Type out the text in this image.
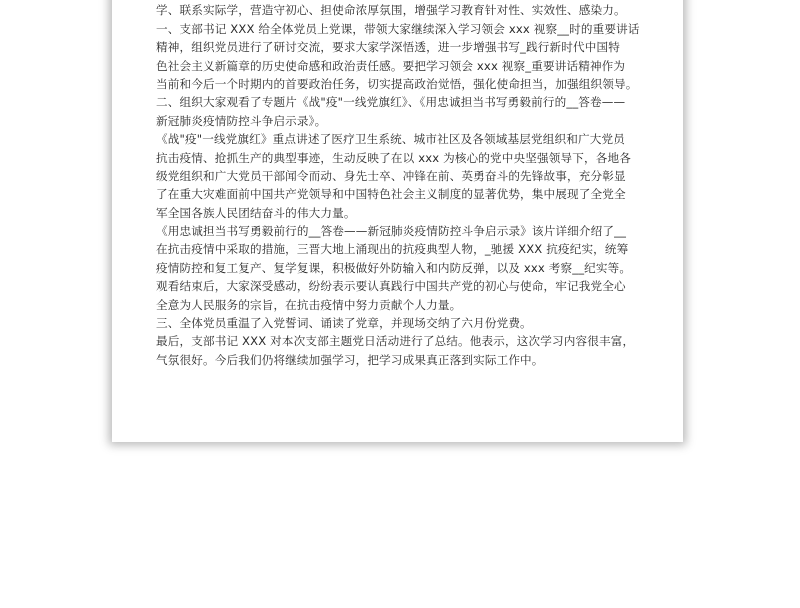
学、联系实际学，营造守初心、担使命浓厚氛围，增强学习教育针对性、实效性、感染力。
一、支部书记 XXX 给全体党员上党课，带领大家继续深入学习领会 xxx 视察__时的重要讲话
精神，组织党员进行了研讨交流，要求大家学深悟透，进一步增强书写_践行新时代中国特
色社会主义新篇章的历史使命感和政治责任感。要把学习领会 xxx 视察_重要讲话精神作为
当前和今后一个时期内的首要政治任务，切实提高政治觉悟，强化使命担当，加强组织领导。
二、组织大家观看了专题片《战"疫"一线党旗红》、《用忠诚担当书写勇毅前行的__答卷——
新冠肺炎疫情防控斗争启示录》。
《战"疫"一线党旗红》重点讲述了医疗卫生系统、城市社区及各领域基层党组织和广大党员
抗击疫情、抢抓生产的典型事迹，生动反映了在以 xxx 为核心的党中央坚强领导下，各地各
级党组织和广大党员干部闻令而动、身先士卒、冲锋在前、英勇奋斗的先锋故事，充分彰显
了在重大灾难面前中国共产党领导和中国特色社会主义制度的显著优势，集中展现了全党全
军全国各族人民团结奋斗的伟大力量。
《用忠诚担当书写勇毅前行的__答卷——新冠肺炎疫情防控斗争启示录》该片详细介绍了__
在抗击疫情中采取的措施，三晋大地上涌现出的抗疫典型人物，_驰援 XXX 抗疫纪实，统筹
疫情防控和复工复产、复学复课，积极做好外防输入和内防反弹，以及 xxx 考察__纪实等。
观看结束后，大家深受感动，纷纷表示要认真践行中国共产党的初心与使命，牢记我党全心
全意为人民服务的宗旨，在抗击疫情中努力贡献个人力量。
三、全体党员重温了入党誓词、诵读了党章，并现场交纳了六月份党费。
最后，支部书记 XXX 对本次支部主题党日活动进行了总结。他表示，这次学习内容很丰富，
气氛很好。今后我们仍将继续加强学习，把学习成果真正落到实际工作中。
